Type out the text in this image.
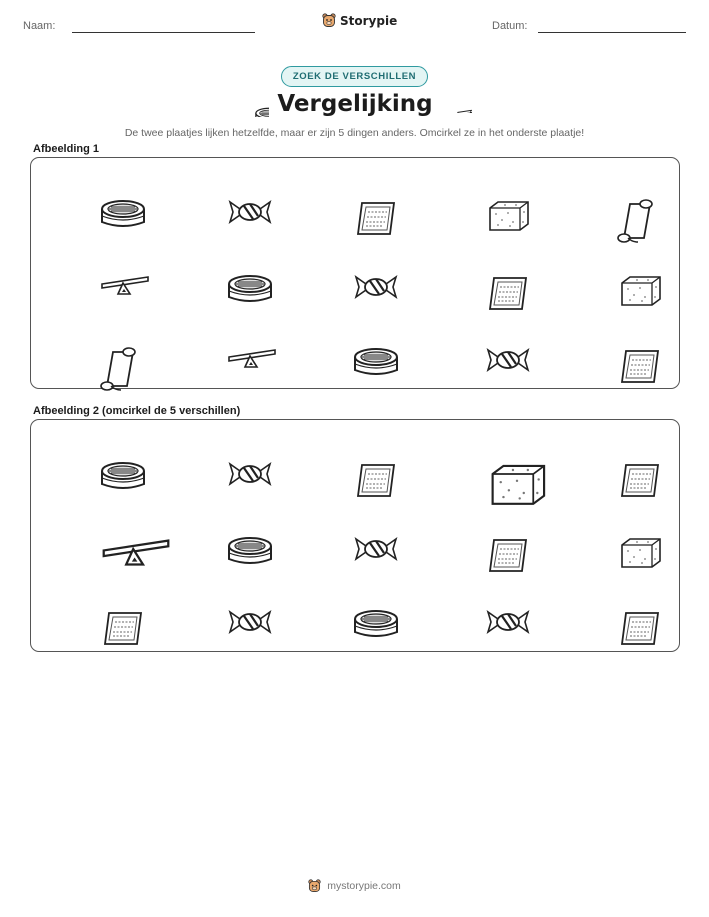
Naam:	Storypie	Datum:
ZOEK DE VERSCHILLEN
Vergelijking
De twee plaatjes lijken hetzelfde, maar er zijn 5 dingen anders. Omcirkel ze in het onderste plaatje!
Afbeelding 1
Afbeelding 2 (omcirkel de 5 verschillen)
mystorypie.com
